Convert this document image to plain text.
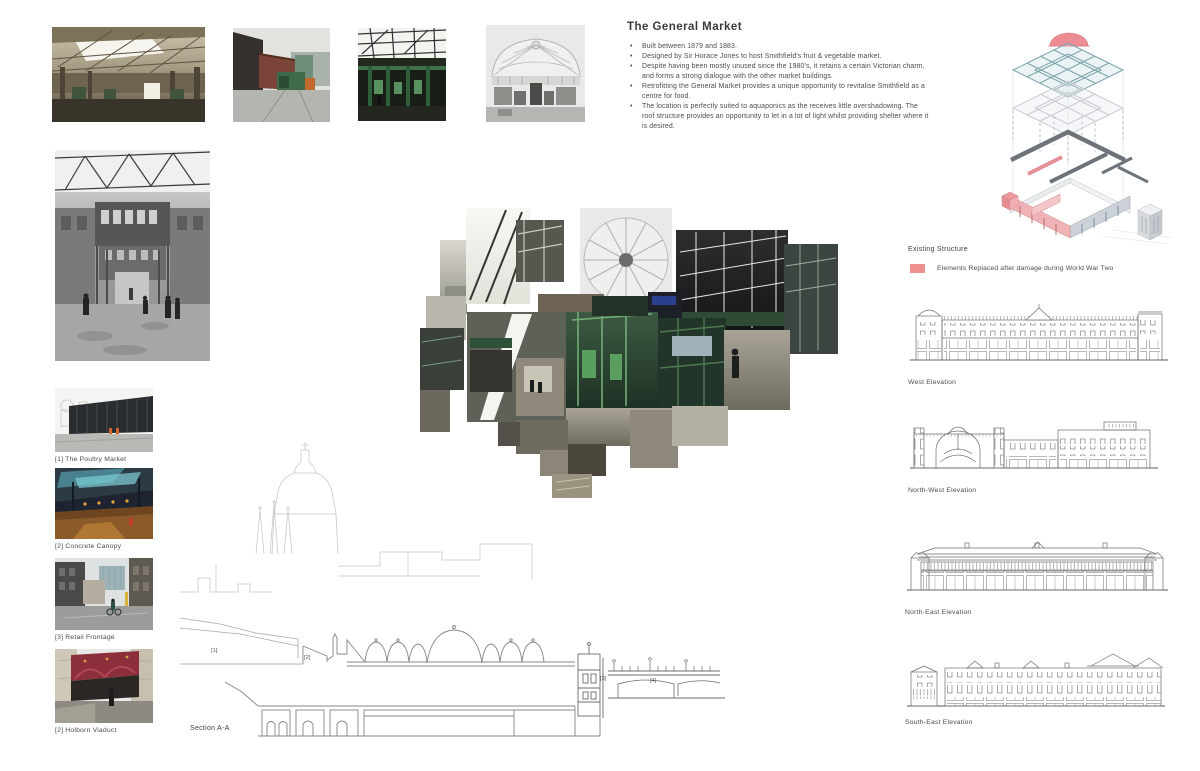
[1] The Poultry Market
[2] Concrete Canopy
[3] Retail Frontage
[2] Holborn Viaduct
The General Market
• Built between 1879 and 1883.
• Designed by Sir Horace Jones to host Smithfield's fruit & vegetable market.
• Despite having been mostly unused since the 1980's, it retains a certain Victorian charm, and forms a strong dialogue with the other market buildings.
• Retrofitting the General Market provides a unique opportunity to revitalise Smithfield as a centre for food.
• The location is perfectly suited to aquaponics as the receives little overshadowing. The roof structure provides an opportunity to let in a lot of light whilst providing shelter where it is desired.
[1]
[2]
[3]	[4]
Section A-A
Existing Structure
Elements Replaced after damage during World War Two
West Elevation
North-West Elevation
North-East Elevation
South-East Elevation
